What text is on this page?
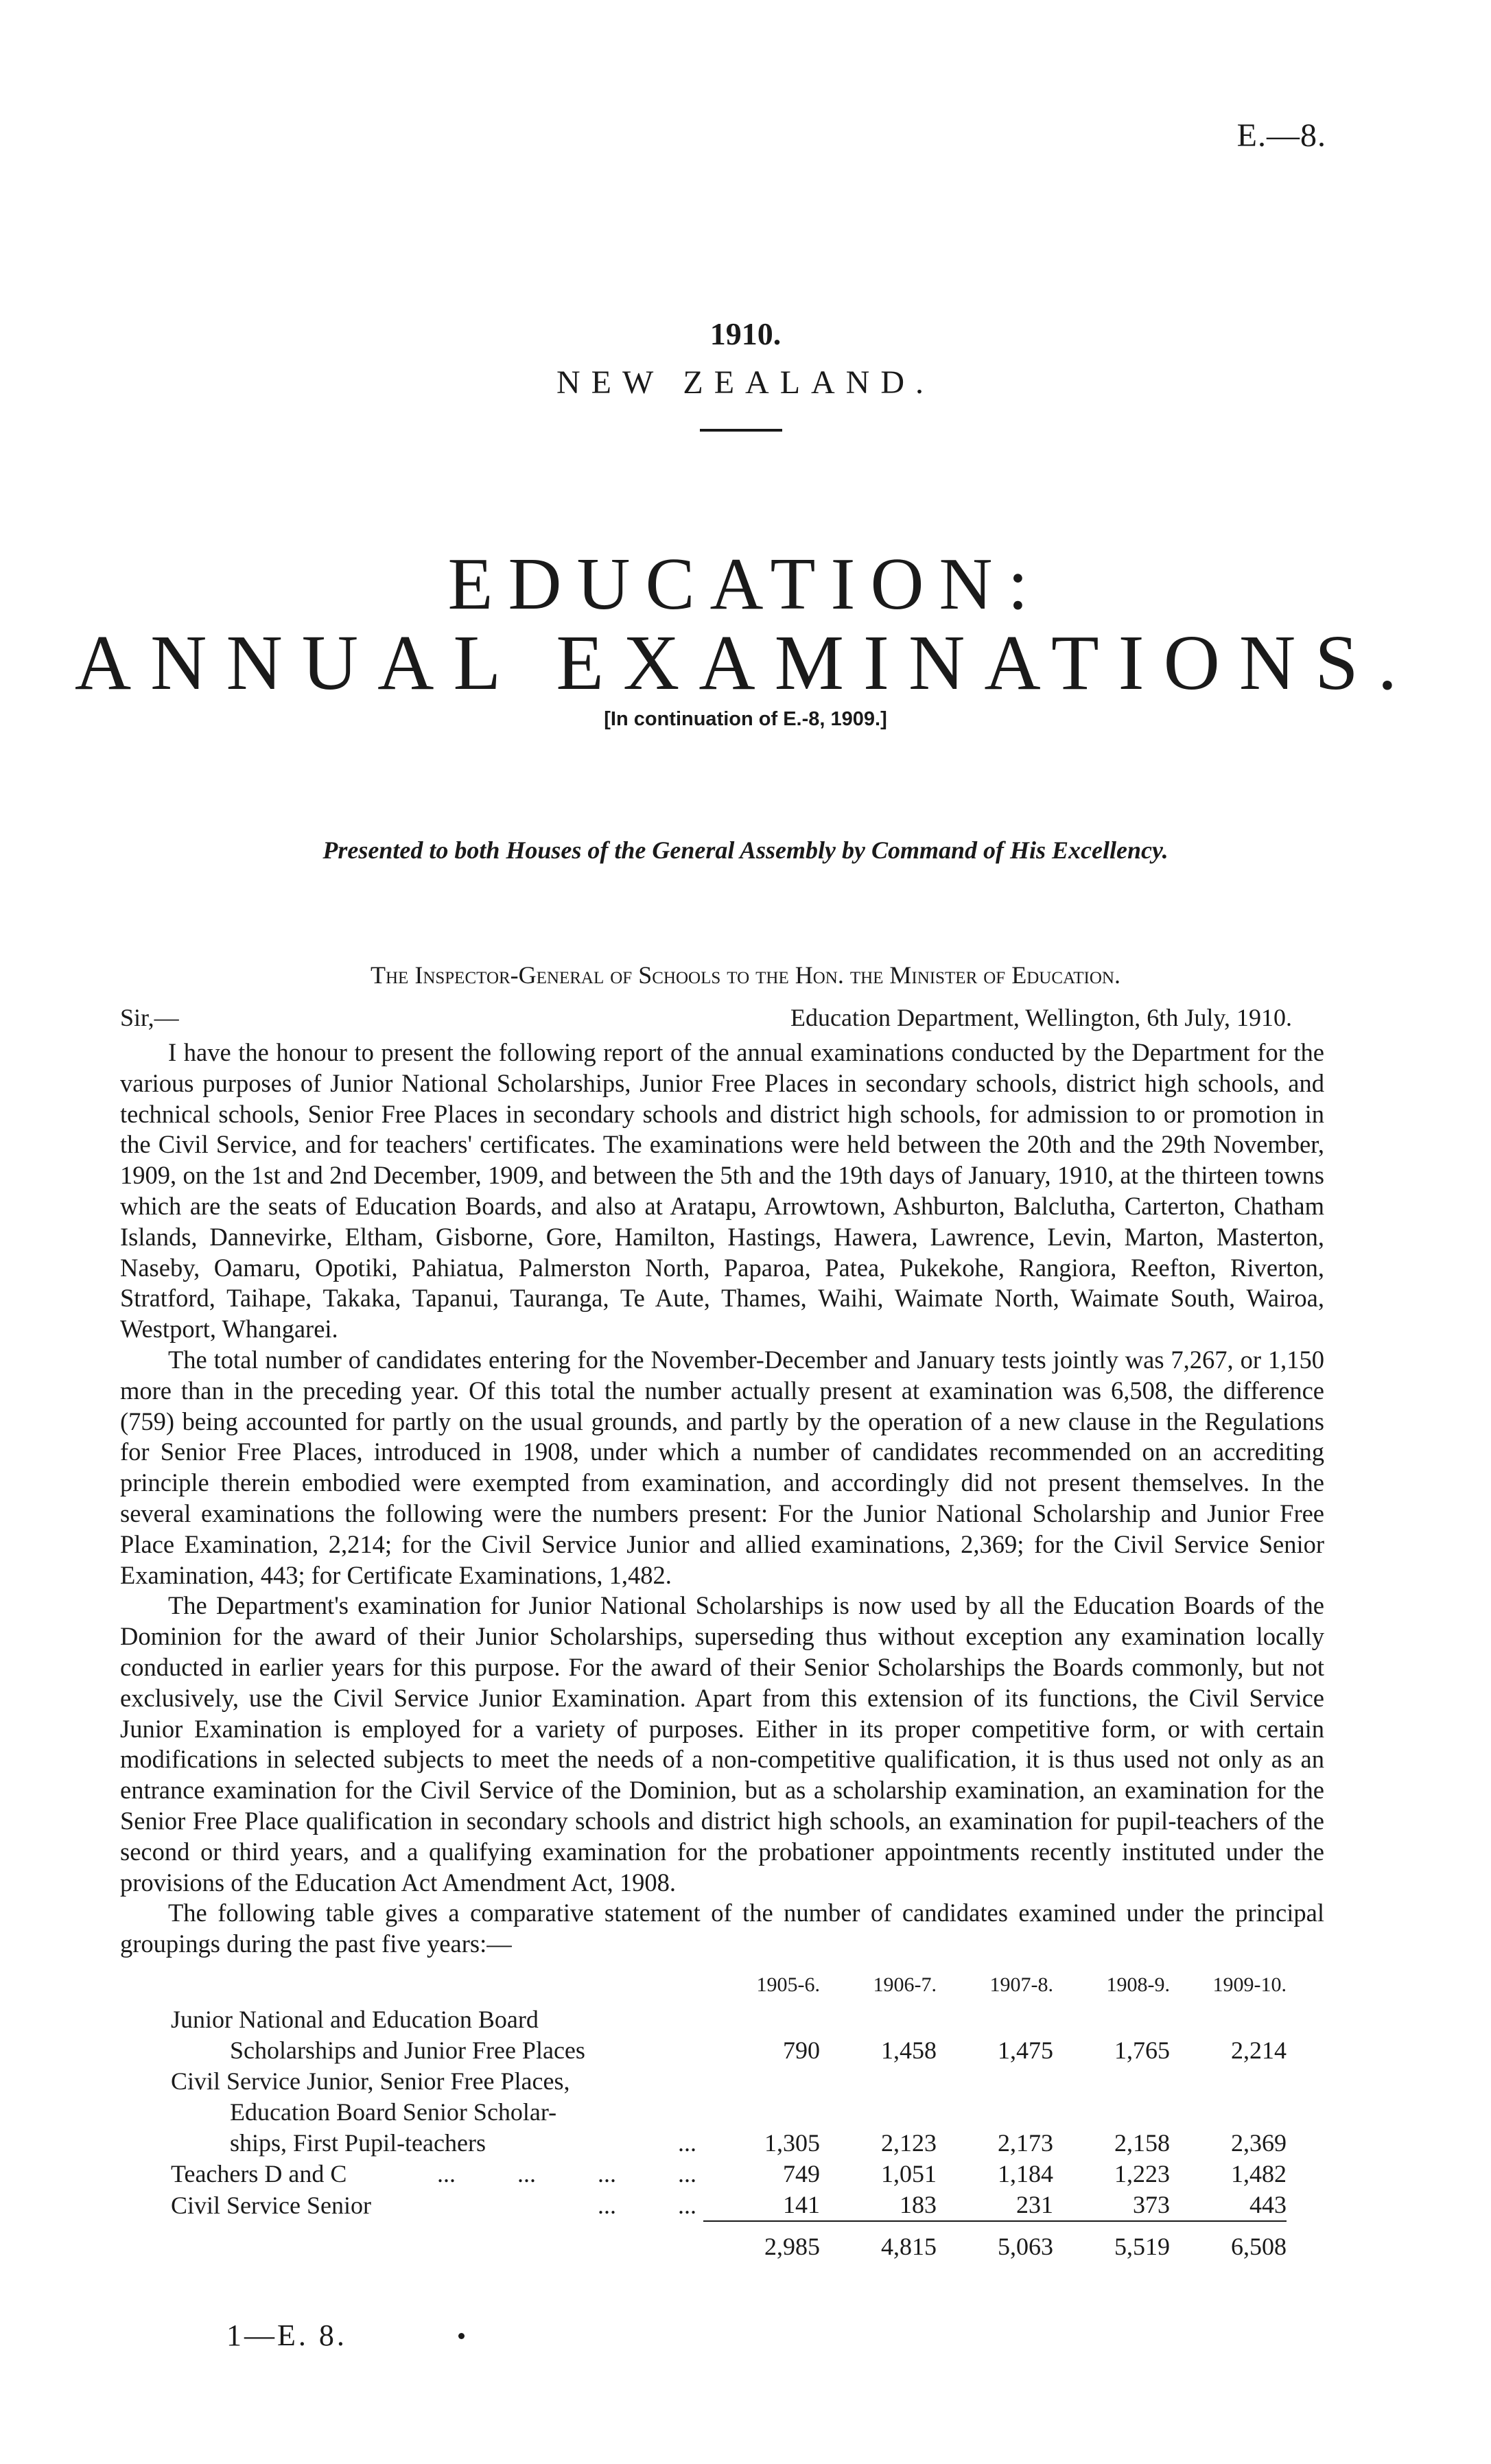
E.—8.
1910.
NEW ZEALAND.
EDUCATION:
ANNUAL EXAMINATIONS.
[In continuation of E.-8, 1909.]
Presented to both Houses of the General Assembly by Command of His Excellency.
The Inspector-General of Schools to the Hon. the Minister of Education.
Sir,—	Education Department, Wellington, 6th July, 1910.

I have the honour to present the following report of the annual examinations conducted by the Department for the various purposes of Junior National Scholarships, Junior Free Places in secondary schools, district high schools, and technical schools, Senior Free Places in secondary schools and district high schools, for admission to or promotion in the Civil Service, and for teachers' certificates. The examinations were held between the 20th and the 29th November, 1909, on the 1st and 2nd December, 1909, and between the 5th and the 19th days of January, 1910, at the thirteen towns which are the seats of Education Boards, and also at Aratapu, Arrowtown, Ashburton, Balclutha, Carterton, Chatham Islands, Dannevirke, Eltham, Gisborne, Gore, Hamilton, Hastings, Hawera, Lawrence, Levin, Marton, Masterton, Naseby, Oamaru, Opotiki, Pahiatua, Palmerston North, Paparoa, Patea, Pukekohe, Rangiora, Reefton, Riverton, Stratford, Taihape, Takaka, Tapanui, Tauranga, Te Aute, Thames, Waihi, Waimate North, Waimate South, Wairoa, Westport, Whangarei.

The total number of candidates entering for the November-December and January tests jointly was 7,267, or 1,150 more than in the preceding year. Of this total the number actually present at examination was 6,508, the difference (759) being accounted for partly on the usual grounds, and partly by the operation of a new clause in the Regulations for Senior Free Places, introduced in 1908, under which a number of candidates recommended on an accrediting principle therein embodied were exempted from examination, and accordingly did not present themselves. In the several examinations the following were the numbers present: For the Junior National Scholarship and Junior Free Place Examination, 2,214; for the Civil Service Junior and allied examinations, 2,369; for the Civil Service Senior Examination, 443; for Certificate Examinations, 1,482.

The Department's examination for Junior National Scholarships is now used by all the Education Boards of the Dominion for the award of their Junior Scholarships, superseding thus without exception any examination locally conducted in earlier years for this purpose. For the award of their Senior Scholarships the Boards commonly, but not exclusively, use the Civil Service Junior Examination. Apart from this extension of its functions, the Civil Service Junior Examination is employed for a variety of purposes. Either in its proper competitive form, or with certain modifications in selected subjects to meet the needs of a non-competitive qualification, it is thus used not only as an entrance examination for the Civil Service of the Dominion, but as a scholarship examination, an examination for the Senior Free Place qualification in secondary schools and district high schools, an examination for pupil-teachers of the second or third years, and a qualifying examination for the probationer appointments recently instituted under the provisions of the Education Act Amendment Act, 1908.

The following table gives a comparative statement of the number of candidates examined under the principal groupings during the past five years:—

	1905-6.	1906-7.	1907-8.	1908-9.	1909-10.
Junior National and Education Board					
Scholarships and Junior Free Places	790	1,458	1,475	1,765	2,214
Civil Service Junior, Senior Free Places,					
Education Board Senior Scholar-					
ships, First Pupil-teachers ...	1,305	2,123	2,173	2,158	2,369
Teachers D and C ... ... ... ...	749	1,051	1,184	1,223	1,482
Civil Service Senior ... ...	141	183	231	373	443
	2,985	4,815	5,063	5,519	6,508
1—E. 8.
